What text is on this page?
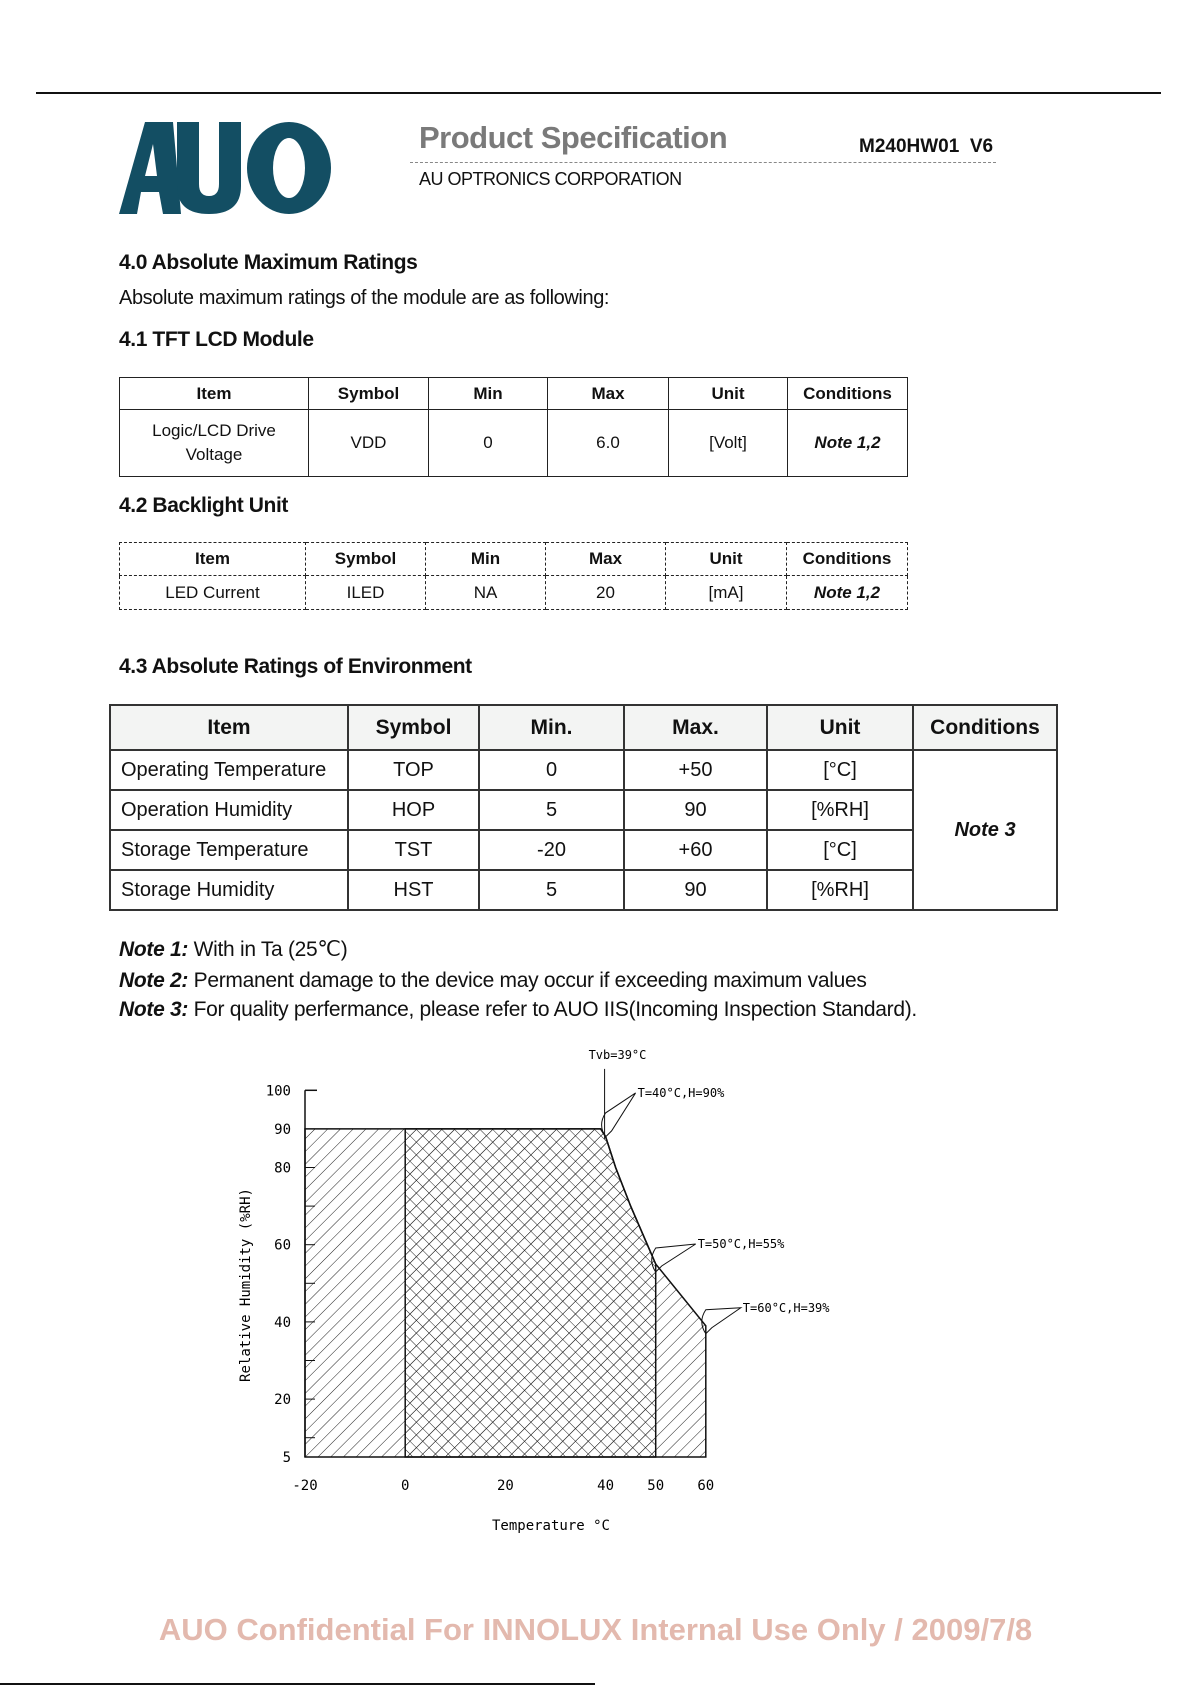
Product Specification	M240HW01  V6
AU OPTRONICS CORPORATION
4.0 Absolute Maximum Ratings
Absolute maximum ratings of the module are as following:
4.1 TFT LCD Module
Item	Symbol	Min	Max	Unit	Conditions
Logic/LCD Drive
Voltage	VDD	0	6.0	[Volt]	Note 1,2
4.2 Backlight Unit
Item	Symbol	Min	Max	Unit	Conditions
LED Current	ILED	NA	20	[mA]	Note 1,2
4.3 Absolute Ratings of Environment
Item	Symbol	Min.	Max.	Unit	Conditions
Operating Temperature	TOP	0	+50	[°C]	Note 3
Operation Humidity	HOP	5	90	[%RH]	
Storage Temperature	TST	-20	+60	[°C]	
Storage Humidity	HST	5	90	[%RH]	
Note 1: With in Ta (25℃)
Note 2: Permanent damage to the device may occur if exceeding maximum values
Note 3: For quality perfermance, please refer to AUO IIS(Incoming Inspection Standard).
100
90
80
60
40
20
5
-20	0	20	40 50 60
Temperature °C
Relative Humidity (%RH)
Tvb=39°C
T=40°C,H=90%
T=50°C,H=55%
T=60°C,H=39%
AUO Confidential For INNOLUX Internal Use Only / 2009/7/8
